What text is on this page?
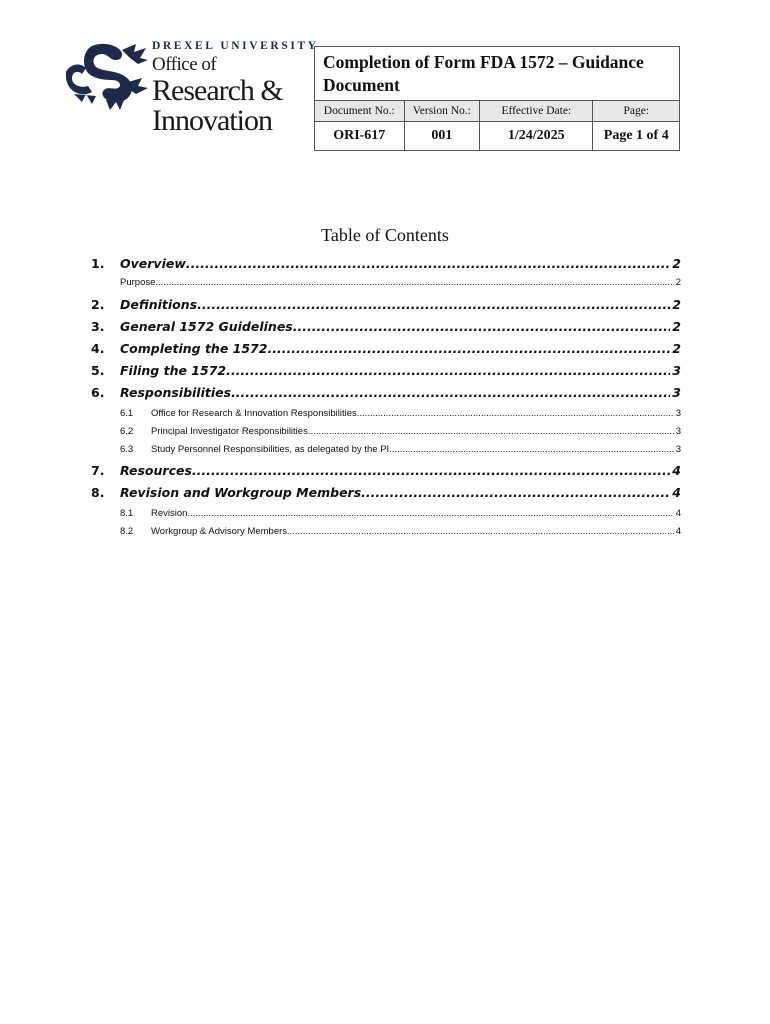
DREXEL UNIVERSITY
Office of
Research &
Innovation
Completion of Form FDA 1572 – Guidance Document
Document No.:	Version No.:	Effective Date:	Page:
ORI-617	001	1/24/2025	Page 1 of 4
Table of Contents
1.	Overview .....	2
Purpose .....	2
2.	Definitions .....	2
3.	General 1572 Guidelines .....	2
4.	Completing the 1572 .....	2
5.	Filing the 1572 .....	3
6.	Responsibilities .....	3
6.1	Office for Research & Innovation Responsibilities .....	3
6.2	Principal Investigator Responsibilities .....	3
6.3	Study Personnel Responsibilities, as delegated by the PI .....	3
7.	Resources .....	4
8.	Revision and Workgroup Members .....	4
8.1	Revision .....	4
8.2	Workgroup & Advisory Members .....	4
